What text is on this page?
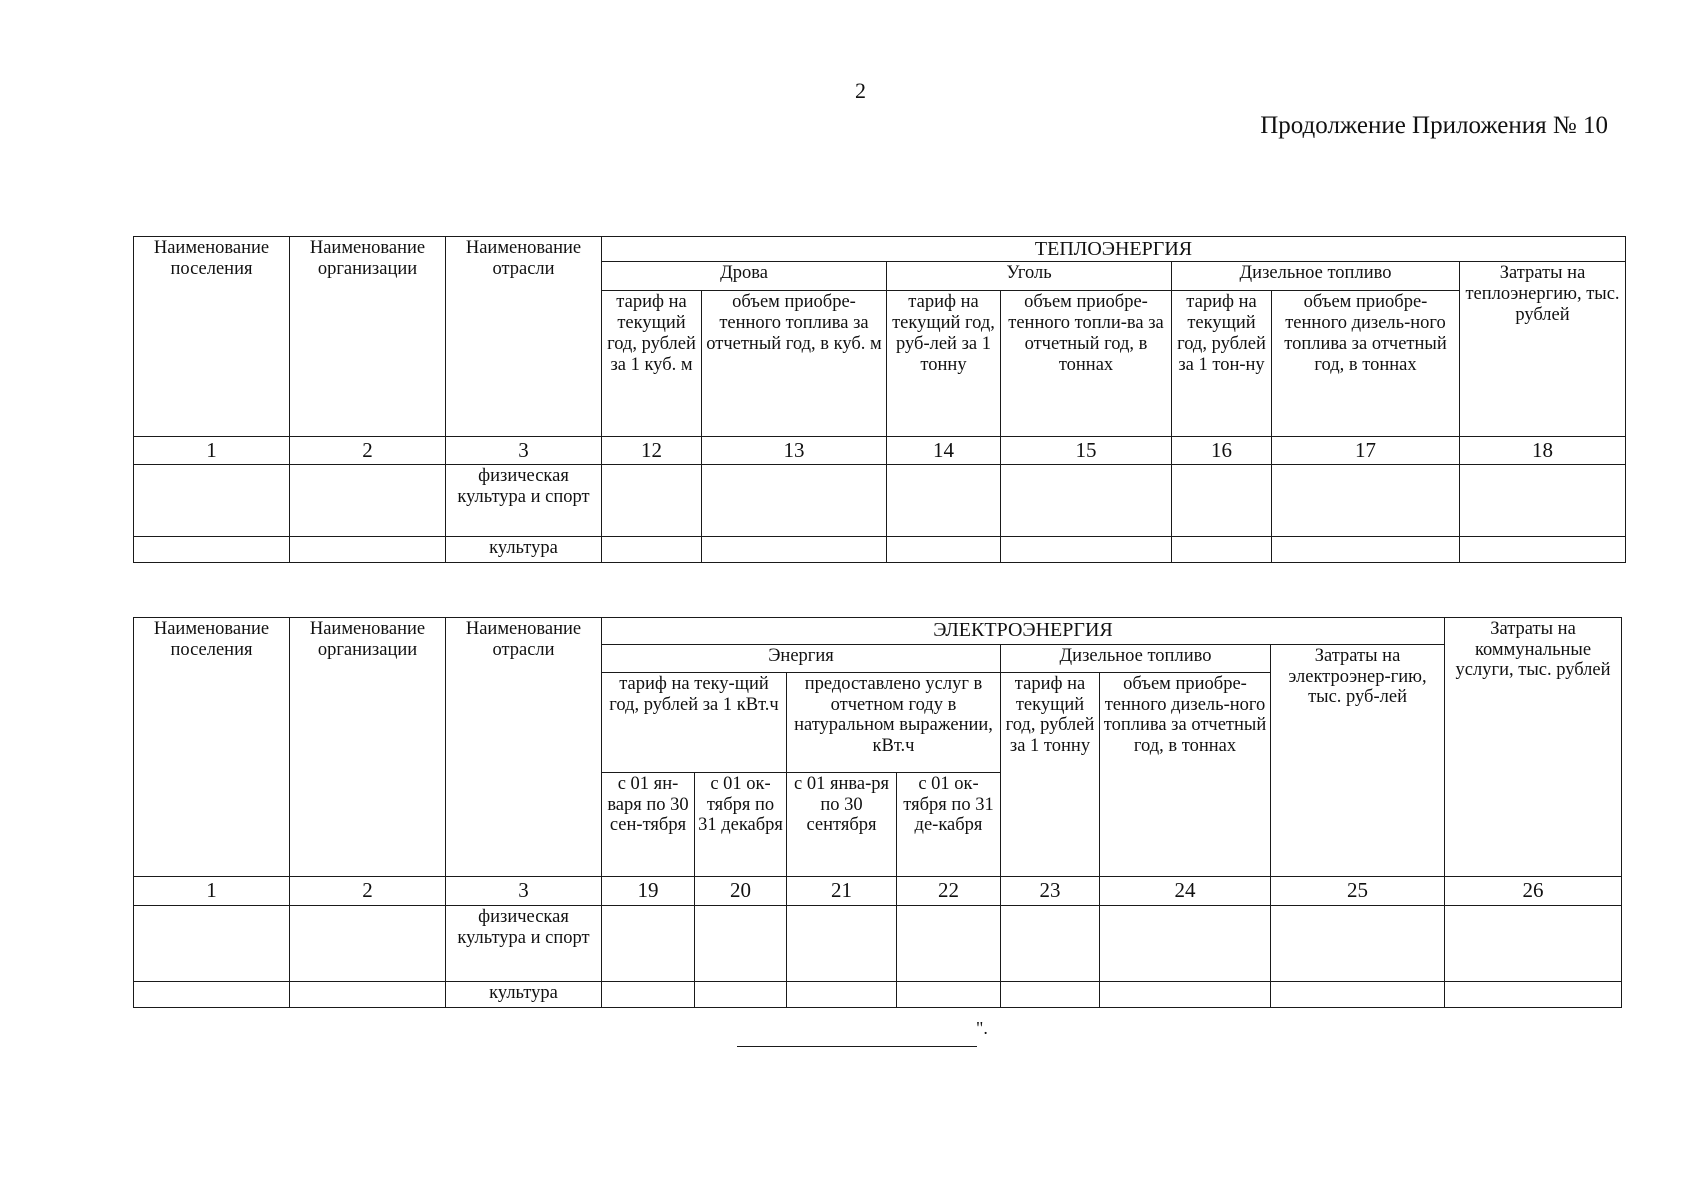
2
Продолжение Приложения № 10
Наименование поселения	Наименование организации	Наименование отрасли	ТЕПЛОЭНЕРГИЯ						
			Дрова		Уголь		Дизельное топливо		Затраты на теплоэнергию, тыс. рублей
			тариф на текущий год, рублей за 1 куб. м	объем приобре-тенного топлива за отчетный год, в куб. м	тариф на текущий год, руб-лей за 1 тонну	объем приобре-тенного топли-ва за отчетный год, в тоннах	тариф на текущий год, рублей за 1 тон-ну	объем приобре-тенного дизель-ного топлива за отчетный год, в тоннах	
1	2	3	12	13	14	15	16	17	18
		физическая культура и спорт							
		культура							
Наименование поселения	Наименование организации	Наименование отрасли	ЭЛЕКТРОЭНЕРГИЯ							Затраты на коммунальные услуги, тыс. рублей
			Энергия				Дизельное топливо		Затраты на электроэнер-гию, тыс. руб-лей	
			тариф на теку-щий год, рублей за 1 кВт.ч		предоставлено услуг в отчетном году в натуральном выражении, кВт.ч		тариф на текущий год, рублей за 1 тонну	объем приобре-тенного дизель-ного топлива за отчетный год, в тоннах		
			с 01 ян-варя по 30 сен-тября	с 01 ок-тября по 31 декабря	с 01 янва-ря по 30 сентября	с 01 ок-тября по 31 де-кабря				
1	2	3	19	20	21	22	23	24	25	26
		физическая культура и спорт								
		культура								
".
